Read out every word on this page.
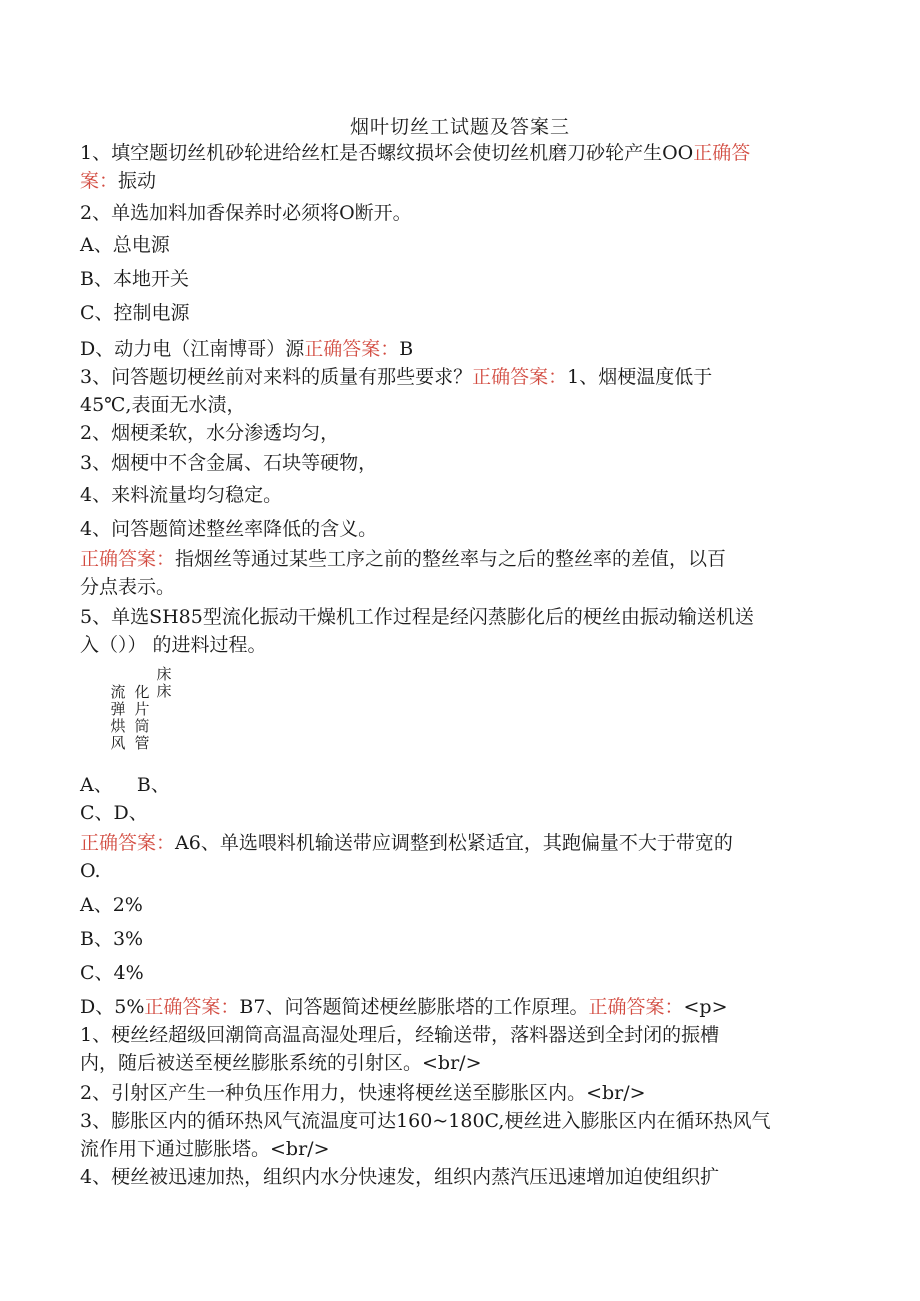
烟叶切丝工试题及答案三
1、填空题切丝机砂轮进给丝杠是否螺纹损坏会使切丝机磨刀砂轮产生OO正确答
案：振动
2、单选加料加香保养时必须将O断开。
A、总电源
B、本地开关
C、控制电源
D、动力电（江南博哥）源正确答案：B
3、问答题切梗丝前对来料的质量有那些要求？正确答案：1、烟梗温度低于
45℃,表面无水渍，
2、烟梗柔软，水分渗透均匀，
3、烟梗中不含金属、石块等硬物，
4、来料流量均匀稳定。
4、问答题简述整丝率降低的含义。
正确答案：指烟丝等通过某些工序之前的整丝率与之后的整丝率的差值，以百
分点表示。
5、单选SH85型流化振动干燥机工作过程是经闪蒸膨化后的梗丝由振动输送机送
入（）） 的进料过程。
流
弹
烘
风
化
片
筒
管
床
床
A、    B、
C、D、
正确答案：A6、单选喂料机输送带应调整到松紧适宜，其跑偏量不大于带宽的
O.
A、2%
B、3%
C、4%
D、5%正确答案：B7、问答题简述梗丝膨胀塔的工作原理。正确答案：<p>
1、梗丝经超级回潮筒高温高湿处理后，经输送带，落料器送到全封闭的振槽
内，随后被送至梗丝膨胀系统的引射区。<br/>
2、引射区产生一种负压作用力，快速将梗丝送至膨胀区内。<br/>
3、膨胀区内的循环热风气流温度可达160~180C,梗丝进入膨胀区内在循环热风气
流作用下通过膨胀塔。<br/>
4、梗丝被迅速加热，组织内水分快速发，组织内蒸汽压迅速增加迫使组织扩
